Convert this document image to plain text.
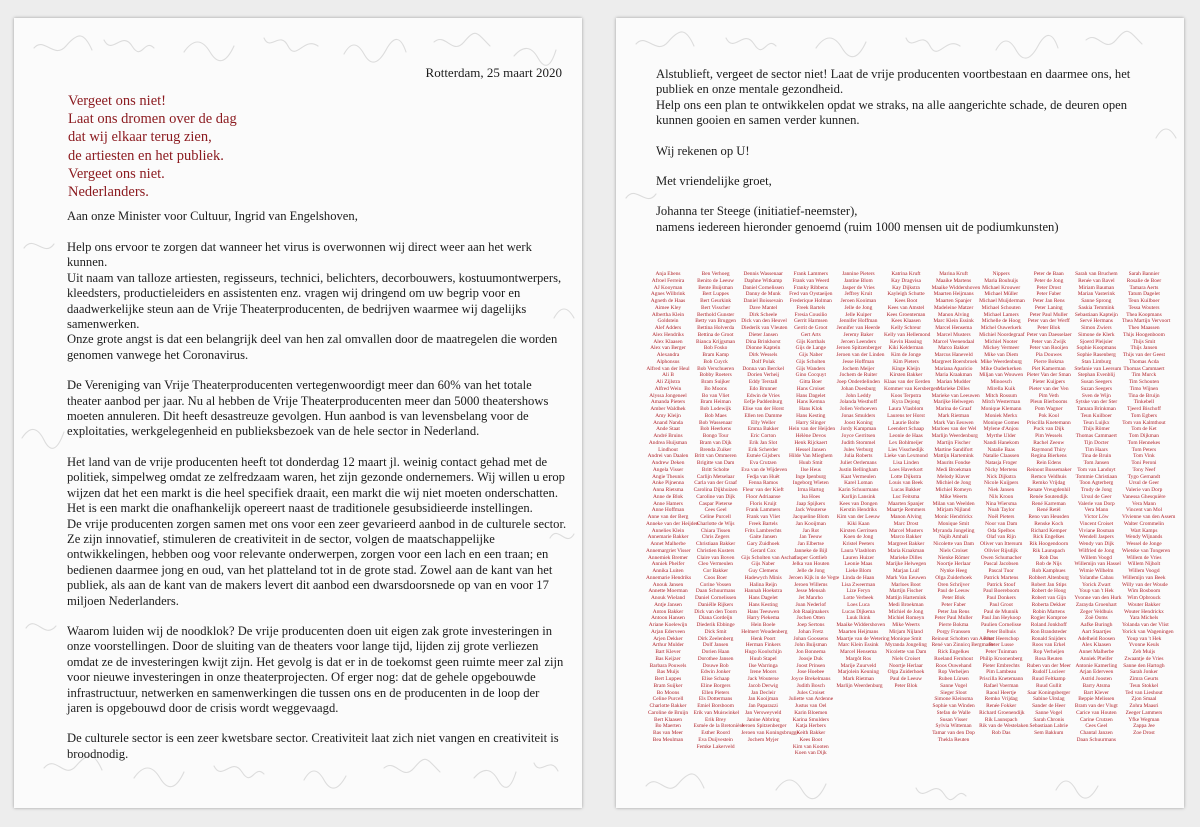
Rotterdam, 25 maart 2020
Vergeet ons niet!
Laat ons dromen over de dag
dat wij elkaar terug zien,
de artiesten en het publiek.
Vergeet ons niet.
Nederlanders.
Aan onze Minister voor Cultuur, Ingrid van Engelshoven,

Help ons ervoor te zorgen dat wanneer het virus is overwonnen wij direct weer aan het werk kunnen.
Uit naam van talloze artiesten, regisseurs, technici, belichters, decorbouwers, kostuumontwerpers, kleedsters, productieleiders en assistenten enz. vragen wij dringend om uw begrip voor en daadwerkelijke steun aan de Vrije Theaterproducenten, de bedrijven waarmee wij dagelijks samenwerken.
Onze grote angst is dat een belangrijk deel van hen zal omvallen door de maatregelen die worden genomen vanwege het Coronavirus.

De Vereniging van Vrije Theaterproducenten vertegenwoordigt meer dan 60% van het totale theater aanbod per jaar. Nu al hebben de Vrije Theaterproducenten meer dan 5000 theatershows moeten annuleren. Dit heeft desastreuze gevolgen. Hun aanbod is van levensbelang voor de exploitaties, werkgelegenheid en publieksbezoek van de hele sector in Nederland.

Het land van de vrije producenten heeft tot donderdag 12 maart jl. weinig contact gehad met de politiek, simpelweg omdat ze zelfredzaam waren, het zijn gezonde ondernemers. Wij willen u erop wijzen dat het een markt is die heel specifiek draait, een markt die wij niet moeten onderschatten. Het is een markt die onafhankelijk opereert naast de traditionele gesubsidieerde instellingen.
De vrije producenten zorgen samen met ons voor een zeer gevarieerd aanbod in de culturele sector. Ze zijn innovatief, stimuleren de creativiteit in de sector, volgen de maatschappelijke ontwikkelingen, hebben oog voor relevante onderwerpen, zorgen voor een lach en een traan; en bedienen daarmee jong en oud, van het platteland tot in de grote stad. Zowel aan de kant van het publiek, als aan de kant van de makers levert dit aanbod een dwarsdoorsnede op van en voor 17 miljoen Nederlanders.

Waarom luiden wij de noodklok? De vrije producenten doen uit eigen zak grote investeringen in onze voorstellingen. Door de sluiting van de theaters voor lange tijd, lijden zij grote verliezen omdat ze de investeringen kwijt zijn. Het gevolg is dat er in de toekomst geen ruimte meer zal zijn voor nieuwe investeringen in onze theaterprojecten. Of erger nog: dat de gehele opgebouwde infrastructuur, netwerken en samenwerkingen die tussen ons en de producenten in de loop der jaren is opgebouwd door de crisis wordt weggevaagd.

De culturele sector is een zeer kwetsbare sector. Creativiteit laat zich niet vangen en creativiteit is broodnodig.

Alstublieft, vergeet de sector niet! Laat de vrije producenten voortbestaan en daarmee ons, het publiek en onze mentale gezondheid.
Help ons een plan te ontwikkelen opdat we straks, na alle aangerichte schade, de deuren open kunnen gooien en samen verder kunnen.

Wij rekenen op U!

Met vriendelijke groet,

Johanna ter Steege (initiatief-neemster),
namens iedereen hieronder genoemd (ruim 1000 mensen uit de podiumkunsten)

Anja Ebens
Afroel Ferreira
AJ Kooyman
Agnes Wilbrink
Agneth de Haas
Aimee Kley
Albertha Klein
Goldstein
Alef Adders
Alex Hendriks
Alex Klaasen
Alex van Berger
Alexandra
Alphonsus
Alfred van der Heul
Ali B
Ali Zijlstra
Alfred Wein
Alyssa Jongeneel
Amanda Pieters
Amber Waldhek
Amy Kleijn
Anand Nanda
Ande Staat
André Bruins
Andrea Huijsman
Lindhout
Andrei van Daalen
Andrew Deken
Angela Visser
Angie Theunis
Anke Pijnenna
Anna Rietsma
Anne de Blok
Anne Hamers
Anne Hoffman
Anne van der Berg
Anneke van der Heijden
Annelies Klein
Annemarie Bakker
Annet Malherbe
Annemargriet Visser
Annemiek Bremer
Anniek Pheifer
Annika Luiten
Annemarie Hendriks
Anouk Jansen
Annette Moerman
Anouk Wieland
Antje Jansen
Anton Bakker
Antoon Hansen
Ariane Koelewijn
Arjan Ederveen
Arjen Dekker
Arthur Mulder
Bart Klever
Bas Keijzer
Barbara Pouwels
Bas Muijs
Bert Luppes
Bram Suijker
Bo Moons
Celine Purcell
Charlotte Bakker
Caroline de Bruijn
Bert Klaasen
Bo Maerten
Bas van Meer
Bea Meulman
Ben Verhoeg
Benito de Leeuw
Bente Buijsman
Bert Luppes
Bert Geurkink
Bert Visscher
Berthold Gunster
Betty van Bruggen
Bettina Holverda
Bettina de Groot
Bianca Krijgsman
Bob Fosko
Bram Kamp
Bob Cuyck
Bob Verschueren
Bobby Roeters
Bram Suijker
Bo Moons
Bo van Vliet
Bram Heiman
Bob Lodewijk
Bob Maes
Bob Wassenaar
Bob Heerkens
Bongo Tour
Bram van Dijk
Brenda Zuiker
Britt van Ommeren
Brigitte van Dam
Britt Scholte
Carlijn Metselaar
Carla van der Graaf
Carolina Dijkhuizen
Caroline van Dijk
Caspar Pieterse
Cees Geel
Celine Purcell
Charlotte de Wijs
Chiara Tissen
Chris Zegers
Christiaan Bakker
Christien Kusters
Claire van Boven
Cleo Vermeulen
Cor Bakker
Coos Boer
Corine Vossen
Daan Schuurmans
Daniel Cornelissen
Daniëlle Rijkers
Dick van den Toorn
Diana Gordeijn
Diederik Ebbinge
Dick Smit
Dirk Zeelenberg
Dolf Jansen
Dorien Haan
Dorothee Jansen
Douwe Bob
Edwin Jonker
Elise Schaap
Eline Borgers
Ellen Pieters
Els Dottermans
Emiel Borsboom
Erik van Muiswinkel
Erik Brey
Esmée de la Bretonière
Esther Roord
Eva Duijvestein
Femke Lakerveld
Dennis Wassenaar
Daphne Witkamp
Daniel Cornelissen
Danny de Munk
Daniel Boissevain
Dave Mantel
Dirk Scheele
Dick van den Heuvel
Diederik van Vleuten
Dieter Jansen
Dina Brinkhorst
Dionne Kaptein
Dirk Wessels
Dolf Polak
Donna van Berckel
Dorien Verheij
Eddy Terstall
Edo Brunner
Edwin de Vries
Eefje Paddenburg
Elise van der Horst
Ellen ten Damme
Elly Weller
Emma Bakker
Eric Corton
Erik Jan Slot
Erik Scherder
Esmée Gijsbers
Eva Crutzen
Eva van de Wijdeven
Fedja van Huêt
Fenna Ramos
Fleur van der Kieft
Floor Adriaanse
Floris Kruijt
Frank Lammers
Frank van Vliet
Freek Bartels
Frits Lambrechts
Gaite Jansen
Gary Zuidhoek
Gerard Cox
Gijs Scholten van Aschat
Gijs Naber
Guy Clemens
Hadewych Minis
Halina Reijn
Hannah Hoekstra
Hans Dagelet
Hans Kesting
Hans Teeuwen
Harry Piekema
Hein Boele
Helmert Woudenberg
Henk Poort
Herman Finkers
Hugo Koolschijn
Huub Stapel
Ilse Warringa
Irene Moors
Jack Wouterse
Jacob Derwig
Jan Decleir
Jan Kooijman
Jan Paparazzi
Jan Versweyveld
Janine Abbring
Jeroen Spitzenberger
Jeroen van Koningsbrugge
Jochem Myjer
Frank Lammers
Frank van Weerd
Franky Ribbens
Fred van Oystaeijen
Frederique Holman
Freek Bartels
Fresia Cousiño
Gerrit Harmsen
Gerrit de Groot
Gert Arts
Gijs Korthals
Gijs de Lange
Gijs Naber
Gijs Scholten
Gijs Wanders
Gino Cocquyt
Gitta Boer
Hans Croiset
Hans Dagelet
Hans Kemna
Hans Klok
Hans Kesting
Harry Slinger
Hein van der Heijden
Hélène Devos
Henk Rijckaert
Hessel Jansen
Hilde Van Mieghem
Huub Smit
Ilse Heus
Inge Ipenburg
Ingeborg Wieten
Irma Hartog
Isa Hoes
Jaap Spijkers
Jack Wouterse
Jacqueline Blom
Jan Kooijman
Jan Rot
Jan Teeuw
Jan Elbertse
Janneke de Bijl
Jasper Gottlieb
Jelka van Houten
Jelle de Jong
Jeroen Kijk in de Vegte
Jeroen Willems
Jesse Mensah
Jet Manrho
Joan Nederlof
Job Raaijmakers
Jochen Otten
Joep Sertons
Johan Fretz
Johan Goossens
John Buijsman
Jon Bonnema
Joosje Duk
Joost Prinsen
Jose Hoebee
Joyce Brekelmans
Judith Bosch
Jules Croiset
Juliette van Ardenne
Justus van Oel
Karin Bloemen
Karina Smulders
Katja Herbers
Keith Bakker
Kees Boot
Kim van Kooten
Koen van Dijk
Jannine Pieters
Jantine Blom
Jasper de Vries
Jeffrey Kruit
Jeroen Kooiman
Jelle de Jong
Jelle Kuiper
Jennifer Hoffman
Jennifer van Heerde
Jeremy Baker
Jeroen Leenders
Jeroen Spitzenberger
Jeroen van der Linden
Jesse Hoffman
Jochem Meijer
Jochem de Ruiter
Joep Onderdelinden
Johan Doesburg
John Leddy
Jolanda Westhoff
Jolien Verhoeven
Jonas Smulders
Joost Koning
Jordy Kampman
Joyce Gerritsen
Judith Stommel
Jules Verburg
Julia Roberts
Juliet Oerlemans
Justin Bellingham
Kaat Vermeulen
Karel Loman
Karin Schuurmans
Karlijn Lansink
Kees van Dongen
Kerstin Hendriks
Kim van der Leeuw
Kiki Kaan
Kirsten Gerritsen
Koen de Jong
Kristel Peeters
Laura Vlasblom
Lauren Huizer
Leonie Maas
Lieke Blom
Linda de Haan
Lisa Zweerman
Lize Feryn
Lotte Verbeek
Loes Luca
Lucas Dijkema
Luuk Ikink
Maaike Widdershoven
Maarten Heijmans
Maartje van de Wetering
Marc Klein Essink
Marcel Hensema
Margôt Ros
Marije Zuurveld
Marjolein Keuning
Mark Rietman
Marlijn Weerdenburg
Katrina Kruft
Kay Dragvisa
Kay Dijkstra
Kayleigh Schutte
Kees Boot
Kees van Amstel
Kees Groenteman
Kees Klaasen
Kelly Schreur
Kelly van Hellemond
Kevin Hassing
Kiki Kelderman
Kim de Jonge
Kim Pieters
Kinge Kleijn
Kirsten Bakker
Klaas van der Eerden
Kommer van Kersbergen
Koos Terpstra
Kyra Dejong
Laura Vlasblom
Laurens ter Horst
Laurie Bolte
Leendert Schaap
Leonie de Haas
Lex Bohlmeijer
Lies Visschedijk
Lieke van Lexmond
Lisa Linden
Loes Haverkort
Lotte Dijkstra
Louis van Beek
Lucas Bakker
Luc Feitsma
Maarten Spanjer
Maartje Remmers
Manon Alving
Marc Drost
Marcel Musters
Marco Bakker
Margreet Bakker
Maria Kraakman
Marieke Dilles
Marijke Helwegen
Marjan Luif
Mark Van Eeuwen
Marloes Boot
Martijn Fischer
Mattijn Hartemink
Medi Broekman
Michiel de Jong
Michiel Romeyn
Mike Weerts
Mirjam Nijland
Monique Smit
Myranda Jongeling
Nicolette van Dam
Niels Croiset
Noortje Herlaar
Olga Zuiderhoek
Paul de Leeuw
Peter Blok
Marina Kruft
Maaike Martens
Maaike Widdershoven
Maarten Heijmans
Maarten Spanjer
Madeleine Matzer
Manon Alving
Marc Klein Essink
Marcel Hensema
Marcel Musters
Marcel Veenendaal
Marco Bakker
Marcus Haneveld
Margreet Boersbroek
Mariana Aparicio
Maria Kraakman
Marian Mudder
Marieke Dilles
Marieke van Leeuwen
Marijke Helwegen
Marina de Graaf
Mark Rietman
Mark Van Eeuwen
Marloes van der Wel
Marlijn Weerdenburg
Martijn Fischer
Martine Sandifort
Mattijn Hartemink
Maurits Fondse
Medi Broekman
Melody Klaver
Michiel de Jong
Michiel Romeyn
Mike Weerts
Milan van Weelden
Mirjam Nijland
Monic Hendrickx
Monique Smit
Myranda Jongeling
Najib Amhali
Nicolette van Dam
Niels Croiset
Nienke Römer
Noortje Herlaar
Nynke Heeg
Olga Zuiderhoek
Oren Schrijver
Paul de Leeuw
Peter Blok
Peter Faber
Peter Jan Rens
Peter Paul Muller
Pierre Bokma
Porgy Franssen
Reinout Scholten van Aschat
René van Zinnicq Bergmann
Rick Engelkes
Roeland Fernhout
Roos Ouwehand
Rop Verheijen
Ruben Lürsen
Sanne Vogel
Sieger Sloot
Simone Kleinsma
Sophie van Winden
Stefan de Walle
Susan Visser
Sylvia Witteman
Tamar van den Dop
Thekla Reuten
Nippers
Maria Bouhuijs
Michael Krouwer
Michael Müller
Michael Muijderman
Michael Schouten
Michael Lamers
Michelle de Hoog
Michel Ouwerkerk
Michiel Noordegraaf
Michiel Nooter
Mickey Vermeer
Mike van Diem
Mike Weerdenburg
Mike Ouderkerken
Miljan van Wouwen
Minoesch
Mirella Kuik
Mitch Rossum
Mitch Westerman
Monique Klemann
Moniek Merkx
Monique Gomes
Mylene d'Anjou
Myrthe Ulder
Nandi Hanekom
Natalie Baas
Natalie Claassen
Natasja Froger
Nicky Mertens
Nick Dijkstra
Nicole Kuijpers
Niek Jansen
Nils Kroon
Nina Wiersma
Noah Taylor
Noël Pieters
Noor van Dam
Oda Spelbos
Olaf van Rijn
Oliver van Ittersum
Olivier Rijsdijk
Owen Schumacher
Pascal Jacobsen
Pascal Tuor
Patrick Martens
Patrick Stoof
Paul Boereboom
Paul Donkers
Paul Groot
Paul de Munnik
Paul Jan Heykoop
Paulien Cornelisse
Peter Bolhuis
Peter Heerschop
Peter Lusse
Peter Tuinman
Philip Kroonenberg
Pieter Embrechts
Pim Lambeau
Priscilla Knetemann
Rafael Voerman
Raoul Heertje
Remko Vrijdag
Renée Fokker
Richard Groenendijk
Rik Launspach
Rik van de Westelaken
Rob Das
Peter de Baan
Peter de Jong
Peter Drost
Peter Faber
Peter Jan Rens
Peter Laning
Peter Paul Muller
Peter van der Werff
Peter Blok
Peter van Daesselaer
Peter van Zwijk
Peter van Rooijen
Pia Douwes
Pierre Bokma
Piet Kamerman
Pieter Van der Sman
Pieter Kuijpers
Pieter van der Ven
Pim Veth
Pleun Bierbooms
Pom Wagner
Pok Kool
Priscilla Knetemann
Puck van Dijk
Pim Wessels
Rachel Zeeuw
Raymond Thiry
Regina Bierkens
Rein Edens
Reinout Bussemaker
Remco Veldhuis
Remko Vrijdag
Renate Vreugdenhil
Renée Soutendijk
René Karreman
René Retèl
Reno van Heusden
Renske Koch
Richard Kemper
Rick Engelkes
Rik Hoogendoorn
Rik Launspach
Rob Das
Rob de Nijs
Rob Kamphues
Robbert Altenburg
Robert Jan Stips
Robert de Hoog
Robert van Gijn
Roberta Dekker
Robin Martens
Rogier Komproe
Roland Jonkhoff
Ron Brandsteder
Ronald Snijders
Roos van Erkel
Rop Verheijen
Rosa Reuten
Ruben van der Meer
Rudolf Lucieer
Ruud Feltkamp
Ruud Gullit
Saar Koningsberger
Sabine Uitslag
Sander de Heer
Sanne Vogel
Sarah Chronis
Sebastiaan Labrie
Sem Bakkum
Sarah van Bruchem
Renée van Bavel
Miriam Bauman
Marian Vasterink
Sanne Sprong
Saskia Temmink
Sebastiaan Kapteijn
Servé Hermans
Simon Zwiers
Simone de Klerk
Sjoerd Pleijsier
Sophie Koopmans
Sophie Rasenberg
Stan Limburg
Stefanie van Leersum
Stephan Evenblij
Susan Seegers
Suzan Seegers
Sven de Wijn
Sytske van der Ster
Tamara Brinkman
Teun Kuilboer
Teun Luijkx
Thijs Römer
Thomas Cammaert
Tijn Docter
Tim Haars
Tina de Bruin
Tom Jansen
Tom van Landuyt
Tommie Christiaan
Toon Agterberg
Trudy de Jong
Ursul de Geer
Valerie van Dorp
Vera Mann
Victor Löw
Vincent Croiset
Viviane Bosman
Wendell Jaspers
Wendy van Dijk
Wilfried de Jong
Willem Voogd
Willemijn van Hassel
Wimie Wilhelm
Yolanthe Cabau
Yorick Zwart
Youp van 't Hek
Yvonne van den Hurk
Zarayda Groenhart
Zeger Veldhuis
Zoë Ooms
Aafke Buringh
Aart Staartjes
Adelheid Roosen
Alex Klaasen
Annet Malherbe
Anniek Pheifer
Antonie Kamerling
Arjan Ederveen
Astrid Joosten
Barry Atsma
Bart Klever
Beppie Melissen
Bram van der Vlugt
Carice van Houten
Carine Crutzen
Cees Geel
Chantal Janzen
Daan Schuurmans
Sarah Bannier
Rosalie de Boer
Tamara Aerts
Tatum Dagelet
Teun Kuilboer
Tessa Wouters
Thea Koopmans
Thea Martijn Vervoort
Theo Maassen
Thijs Hoogenboom
Thijs Smit
Thijs Jansen
Thijs van der Geest
Thomas Acda
Thomas Cammaert
Tim Murck
Tim Schouten
Timo Wijnen
Tina de Bruijn
Tinkebell
Tjeerd Bischoff
Tom Egbers
Tom van Kalmthout
Tom de Ket
Tom Dijkman
Tom Hennekes
Tom Peters
Tom Vink
Toni Peroni
Tony Neef
Tygo Gernandt
Ursul de Geer
Valerie van Dorp
Vanessa Ghesquière
Vera Mann
Vincent van Mol
Vivienne van den Assem
Walter Crommelin
Wart Kamps
Wendy Wijnands
Wessel de Jonge
Wietske van Tongeren
Willem de Vries
Willem Nijholt
Willem Voogd
Willemijn van Beek
Willy van der Woude
Wim Bosboom
Wim Opbrouck
Wouter Bakker
Wouter Hendrickx
Yara Michels
Yolanda van der Vlist
Yorick van Wageningen
Youp van 't Hek
Yvonne Keuls
Zeb Muijs
Zwaantje de Vries
Sanne den Hartogh
Sarah Jonker
Zimra Geurts
Teun Stokkel
Ted van Lieshout
Zjon Smaal
Zohra Maasri
Zeeger Lammers
Yfke Wegman
Zappa Jee
Zoe Drost
